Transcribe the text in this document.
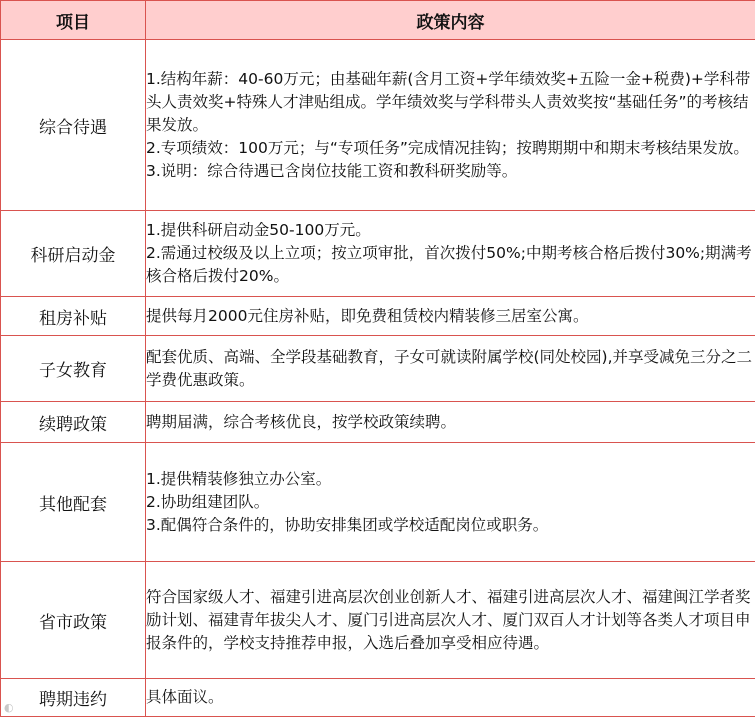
项目	政策内容
综合待遇	1.结构年薪：40-60万元；由基础年薪(含月工资+学年绩效奖+五险一金+税费)+学科带头人责效奖+特殊人才津贴组成。学年绩效奖与学科带头人责效奖按“基础任务”的考核结果发放。
2.专项绩效：100万元；与“专项任务”完成情况挂钩；按聘期期中和期末考核结果发放。
3.说明：综合待遇已含岗位技能工资和教科研奖励等。

科研启动金	1.提供科研启动金50-100万元。
2.需通过校级及以上立项；按立项审批，首次拨付50%;中期考核合格后拨付30%;期满考核合格后拨付20%。

租房补贴	提供每月2000元住房补贴，即免费租赁校内精装修三居室公寓。

子女教育	配套优质、高端、全学段基础教育，子女可就读附属学校(同处校园),并享受减免三分之二学费优惠政策。

续聘政策	聘期届满，综合考核优良，按学校政策续聘。

其他配套	1.提供精装修独立办公室。
2.协助组建团队。
3.配偶符合条件的，协助安排集团或学校适配岗位或职务。

省市政策	符合国家级人才、福建引进高层次创业创新人才、福建引进高层次人才、福建闽江学者奖励计划、福建青年拔尖人才、厦门引进高层次人才、厦门双百人才计划等各类人才项目申报条件的，学校支持推荐申报，入选后叠加享受相应待遇。

聘期违约	具体面议。
◐
